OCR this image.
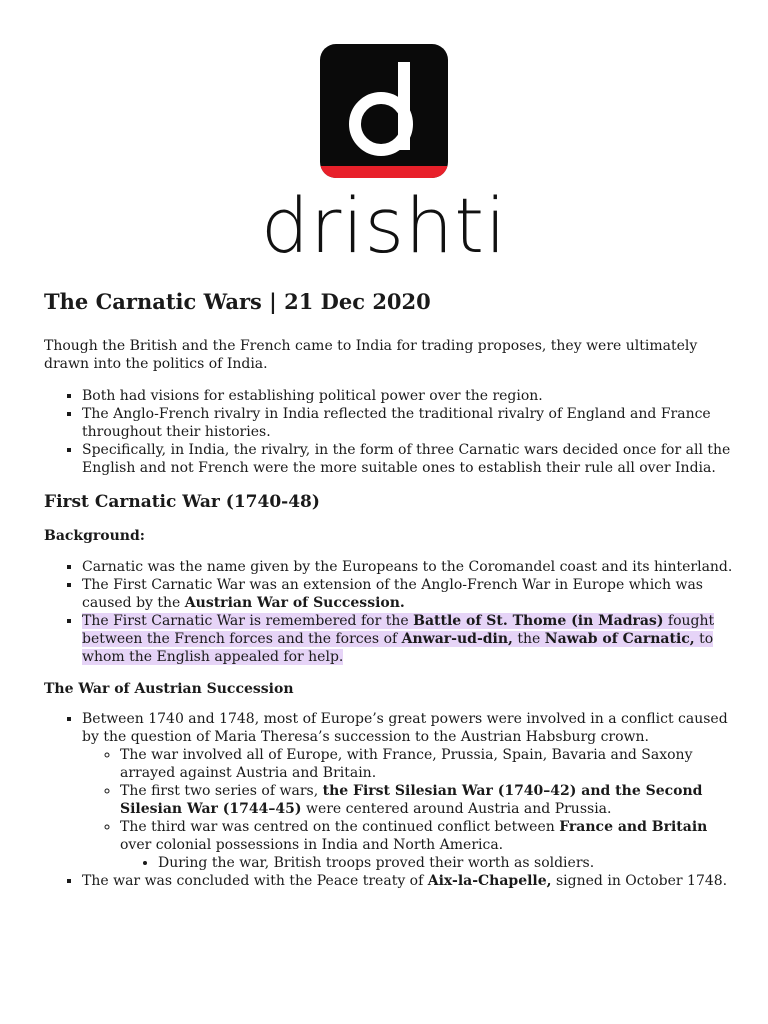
drishti
The Carnatic Wars | 21 Dec 2020

Though the British and the French came to India for trading proposes, they were ultimately drawn into the politics of India.

▪ Both had visions for establishing political power over the region.
▪ The Anglo-French rivalry in India reflected the traditional rivalry of England and France throughout their histories.
▪ Specifically, in India, the rivalry, in the form of three Carnatic wars decided once for all the English and not French were the more suitable ones to establish their rule all over India.
First Carnatic War (1740-48)
Background:
▪ Carnatic was the name given by the Europeans to the Coromandel coast and its hinterland.
▪ The First Carnatic War was an extension of the Anglo-French War in Europe which was caused by the Austrian War of Succession.
▪ The First Carnatic War is remembered for the Battle of St. Thome (in Madras) fought between the French forces and the forces of Anwar-ud-din, the Nawab of Carnatic, to whom the English appealed for help.
The War of Austrian Succession
▪ Between 1740 and 1748, most of Europe’s great powers were involved in a conflict caused by the question of Maria Theresa’s succession to the Austrian Habsburg crown.
◦ The war involved all of Europe, with France, Prussia, Spain, Bavaria and Saxony arrayed against Austria and Britain.
◦ The first two series of wars, the First Silesian War (1740–42) and the Second Silesian War (1744–45) were centered around Austria and Prussia.
◦ The third war was centred on the continued conflict between France and Britain over colonial possessions in India and North America.
• During the war, British troops proved their worth as soldiers.
▪ The war was concluded with the Peace treaty of Aix-la-Chapelle, signed in October 1748.
